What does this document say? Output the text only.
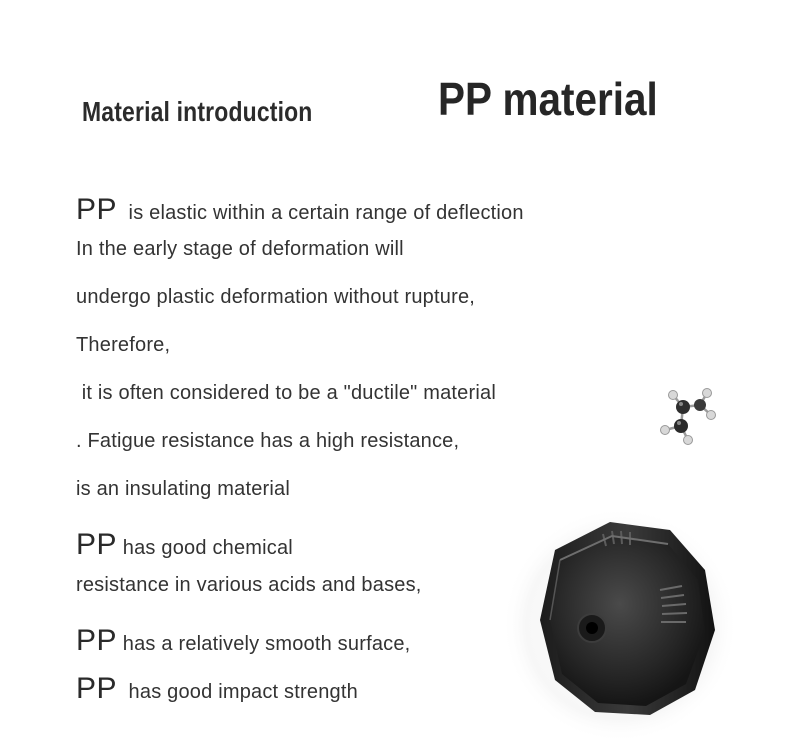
Material introduction	PP material
PP  is elastic within a certain range of deflection
In the early stage of deformation will
undergo plastic deformation without rupture,
Therefore,
it is often considered to be a "ductile" material
. Fatigue resistance has a high resistance,
is an insulating material
PP has good chemical
resistance in various acids and bases,
PP has a relatively smooth surface,
PP  has good impact strength
